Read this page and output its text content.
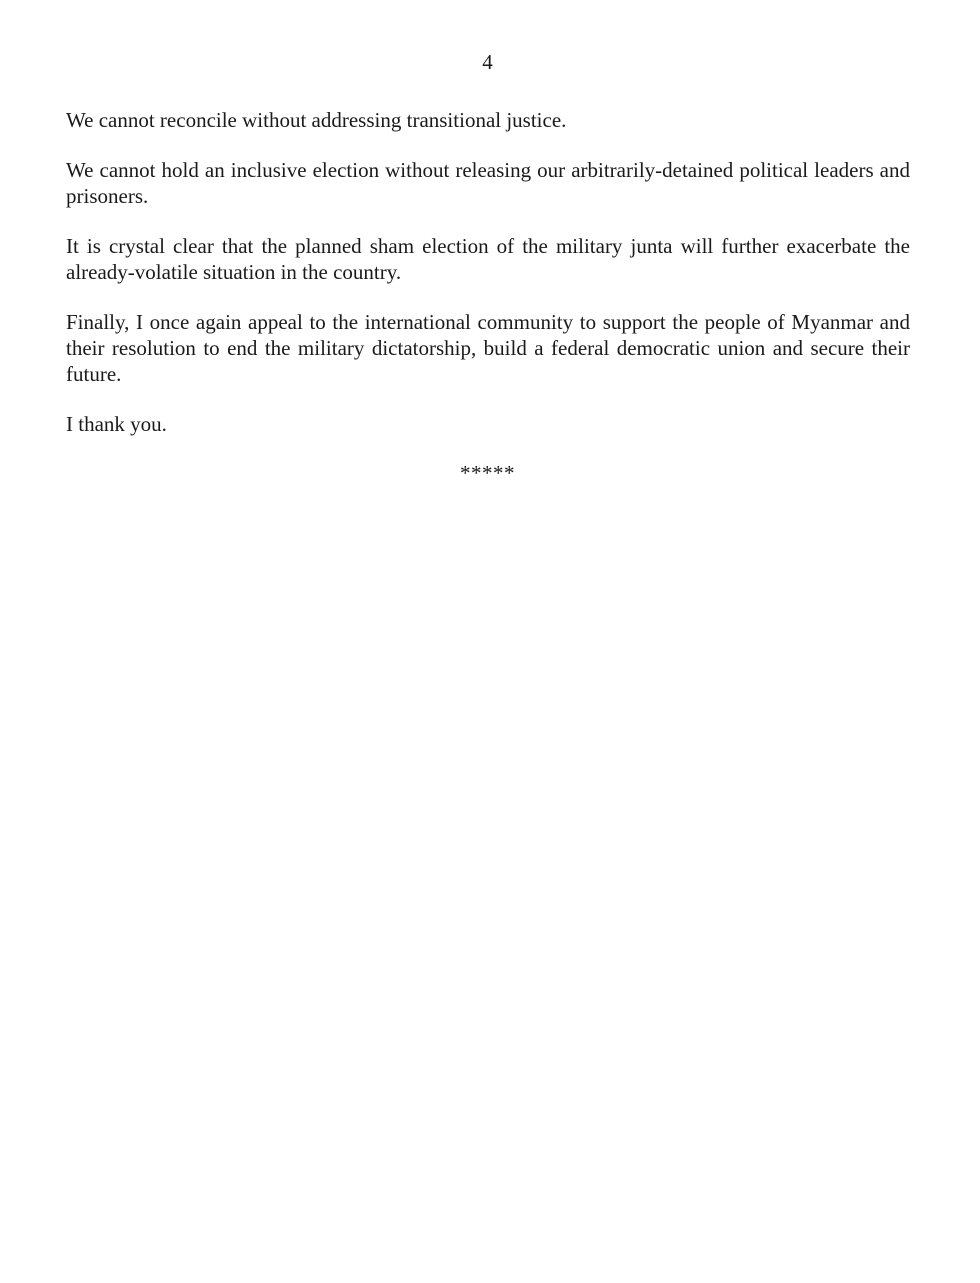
4

We cannot reconcile without addressing transitional justice.

We cannot hold an inclusive election without releasing our arbitrarily-detained political leaders and prisoners.

It is crystal clear that the planned sham election of the military junta will further exacerbate the already-volatile situation in the country.

Finally, I once again appeal to the international community to support the people of Myanmar and their resolution to end the military dictatorship, build a federal democratic union and secure their future.

I thank you.

*****
